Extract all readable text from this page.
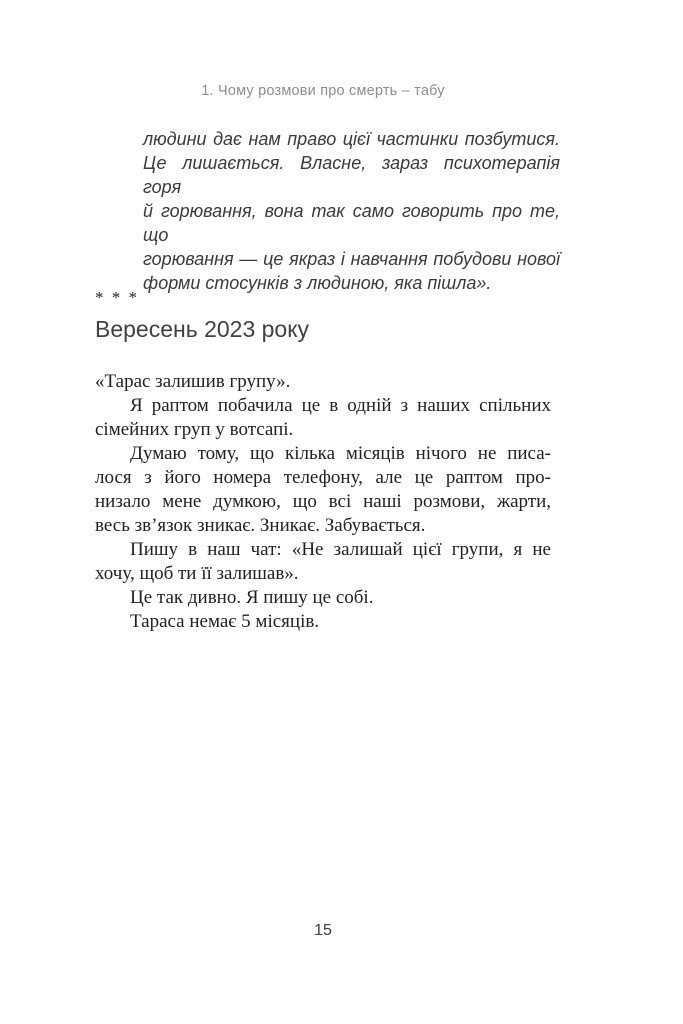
1. Чому розмови про смерть – табу
людини дає нам право цієї частинки позбутися.
Це лишається. Власне, зараз психотерапія горя
й горювання, вона так само говорить про те, що
горювання — це якраз і навчання побудови нової
форми стосунків з людиною, яка пішла».
* * *
Вересень 2023 року
«Тарас залишив групу».
Я раптом побачила це в одній з наших спільних
сімейних груп у вотсапі.
Думаю тому, що кілька місяців нічого не писа-
лося з його номера телефону, але це раптом про-
низало мене думкою, що всі наші розмови, жарти,
весь зв’язок зникає. Зникає. Забувається.
Пишу в наш чат: «Не залишай цієї групи, я не
хочу, щоб ти її залишав».
Це так дивно. Я пишу це собі.
Тараса немає 5 місяців.
15
